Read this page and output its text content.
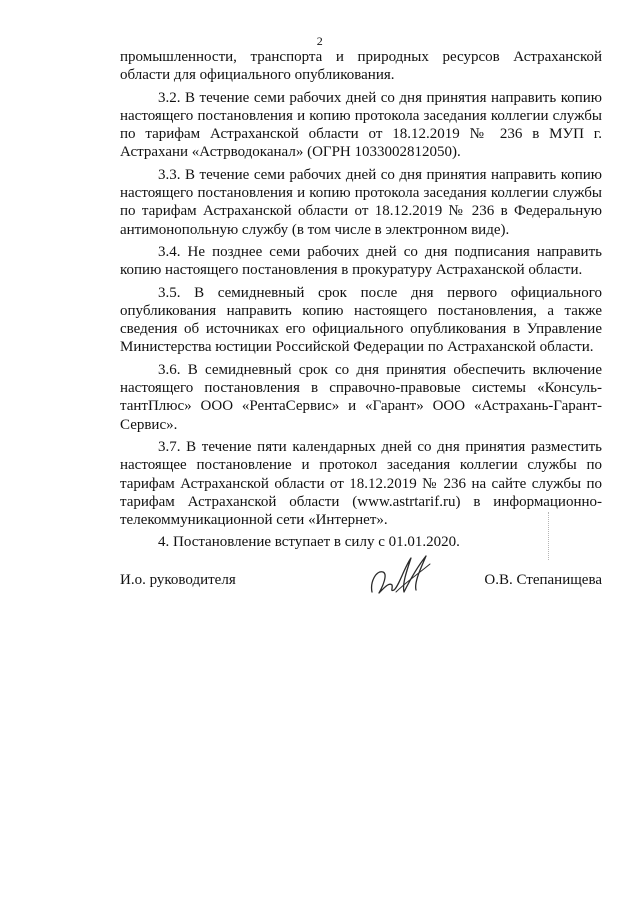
2

промышленности, транспорта и природных ресурсов Астраханской области для официального опубликования.

3.2. В течение семи рабочих дней со дня принятия направить копию настоящего постановления и копию протокола заседания коллегии службы по тарифам Астраханской области от 18.12.2019 № 236 в МУП г. Астрахани «Астрводоканал» (ОГРН 1033002812050).

3.3. В течение семи рабочих дней со дня принятия направить копию настоящего постановления и копию протокола заседания коллегии службы по тарифам Астраханской области от 18.12.2019 № 236 в Федеральную антимонопольную службу (в том числе в электронном виде).

3.4. Не позднее семи рабочих дней со дня подписания направить копию настоящего постановления в прокуратуру Астраханской области.

3.5. В семидневный срок после дня первого официального опубликования направить копию настоящего постановления, а также сведения об источниках его официального опубликования в Управление Министерства юстиции Российской Федерации по Астраханской области.

3.6. В семидневный срок со дня принятия обеспечить включение настоящего постановления в справочно-правовые системы «Консуль-тантПлюс» ООО «РентаСервис» и «Гарант» ООО «Астрахань-Гарант-Сервис».

3.7. В течение пяти календарных дней со дня принятия разместить настоящее постановление и протокол заседания коллегии службы по тарифам Астраханской области от 18.12.2019 № 236 на сайте службы по тарифам Астраханской области (www.astrtarif.ru) в информационно-телекоммуникационной сети «Интернет».

4. Постановление вступает в силу с 01.01.2020.

И.о. руководителя	О.В. Степанищева
